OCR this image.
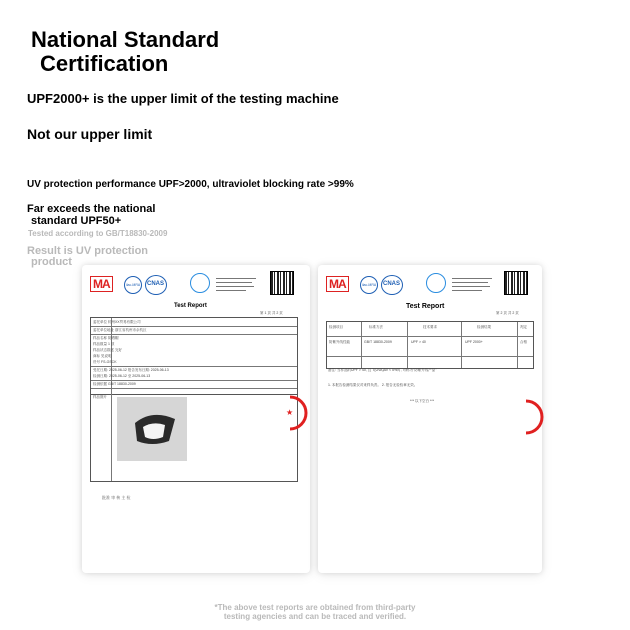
National Standard
Certification
UPF2000+ is the upper limit of the testing machine
Not our upper limit
UV protection performance UPF>2000, ultraviolet blocking rate >99%
Far exceeds the national
standard UPF50+
Tested according to GB/T18830-2009
Result is UV protection
product
MA	ilac-MRA CNAS
Test Report
第 1 页 共 2 页
委托单位 杭州XX贸易有限公司
委托单位地址 浙江省杭州市余杭区
样品名称 防晒帽
样品数量 1 顶
样品状态描述 完好
商标 见说明
货号 FS-GSCK
受托日期: 2025-06-12 报告发布日期: 2025-06-13
检测日期: 2025-06-12 至 2025-06-13
检测依据 GB/T 18830-2009
样品图片
批准 审 核 主 检
★
MA	ilac-MRA CNAS
Test Report
第 2 页 共 2 页
检测项目	标准方法	技术要求	检测结果	判定
防紫外线性能	GB/T 18830-2009	UPF > 40	UPF 2000+	合格
备注: 当样品的UPF > 40, 且 T(UVA)AV < 5%时, 可称为"防紫外线产品"
1. 本报告检测结果仅对来样负责。 2. 报告无检验章无效。
*** 以下空白 ***
*The above test reports are obtained from third-party
testing agencies and can be traced and verified.
